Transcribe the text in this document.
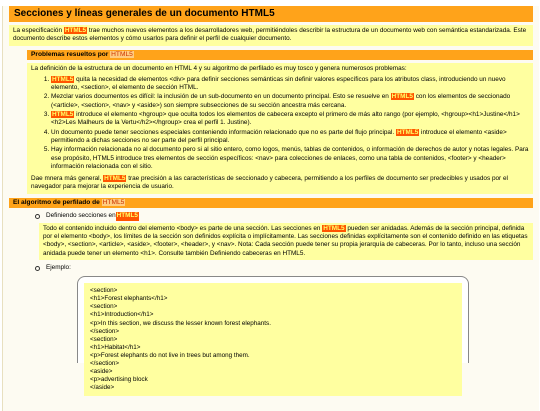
Secciones y líneas generales de un documento HTML5

La especificación HTML5 trae muchos nuevos elementos a los desarrolladores web, permitiéndoles describir la estructura de un documento web con semántica estandarizada. Este documento describe estos elementos y cómo usarlos para definir el perfil de cualquier documento.

Problemas resueltos por HTML5

La definición de la estructura de un documento en HTML 4 y su algoritmo de perfilado es muy tosco y genera numerosos problemas:

1. HTML5 quita la necesidad de elementos <div> para definir secciones semánticas sin definir valores específicos para los atributos class, introduciendo un nuevo elemento, <section>, el elemento de sección HTML.
2. Mezclar varios documentos es difícil: la inclusión de un sub-documento en un documento principal. Esto se resuelve en HTML5 con los elementos de seccionado (<article>, <section>, <nav> y <aside>) son siempre subsecciones de su sección ancestra más cercana.
3. HTML5 introduce el elemento <hgroup> que oculta todos los elementos de cabecera excepto el primero de más alto rango (por ejemplo, <hgroup><h1>Justine</h1><h2>Les Malheurs de la Vertu</h2></hgroup> crea el perfil 1. Justine).
4. Un documento puede tener secciones especiales conteniendo información relacionado que no es parte del flujo principal. HTML5 introduce el elemento <aside> permitiendo a dichas secciones no ser parte del perfil principal.
5. Hay información relacionada no al documento pero si al sitio entero, como logos, menús, tablas de contenidos, o información de derechos de autor y notas legales. Para ese propósito, HTML5 introduce tres elementos de sección específicos: <nav> para colecciones de enlaces, como una tabla de contenidos, <footer> y <header> información relacionada con el sitio.

Dae mnera más general, HTML5 trae precisión a las características de seccionado y cabecera, permitiendo a los perfiles de documento ser predecibles y usados por el navegador para mejorar la experiencia de usuario.

El algoritmo de perfilado de HTML5
Definiendo secciones en HTML5

Todo el contenido incluido dentro del elemento <body> es parte de una sección. Las secciones en HTML5 pueden ser anidadas. Además de la sección principal, definida por el elemento <body>, los límites de la sección son definidos explícita o implícitamente. Las secciones definidas explícitamente son el contenido definido en las etiquetas <body>, <section>, <article>, <aside>, <footer>, <header>, y <nav>. Nota: Cada sección puede tener su propia jerarquía de cabeceras. Por lo tanto, incluso una sección anidada puede tener un elemento <h1>. Consulte también Definiendo cabeceras en HTML5.

Ejemplo:
<section>
<h1>Forest elephants</h1>
<section>
<h1>Introduction</h1>
<p>In this section, we discuss the lesser known forest elephants.
</section>
<section>
<h1>Habitat</h1>
<p>Forest elephants do not live in trees but among them.
</section>
<aside>
<p>advertising block
</aside>
